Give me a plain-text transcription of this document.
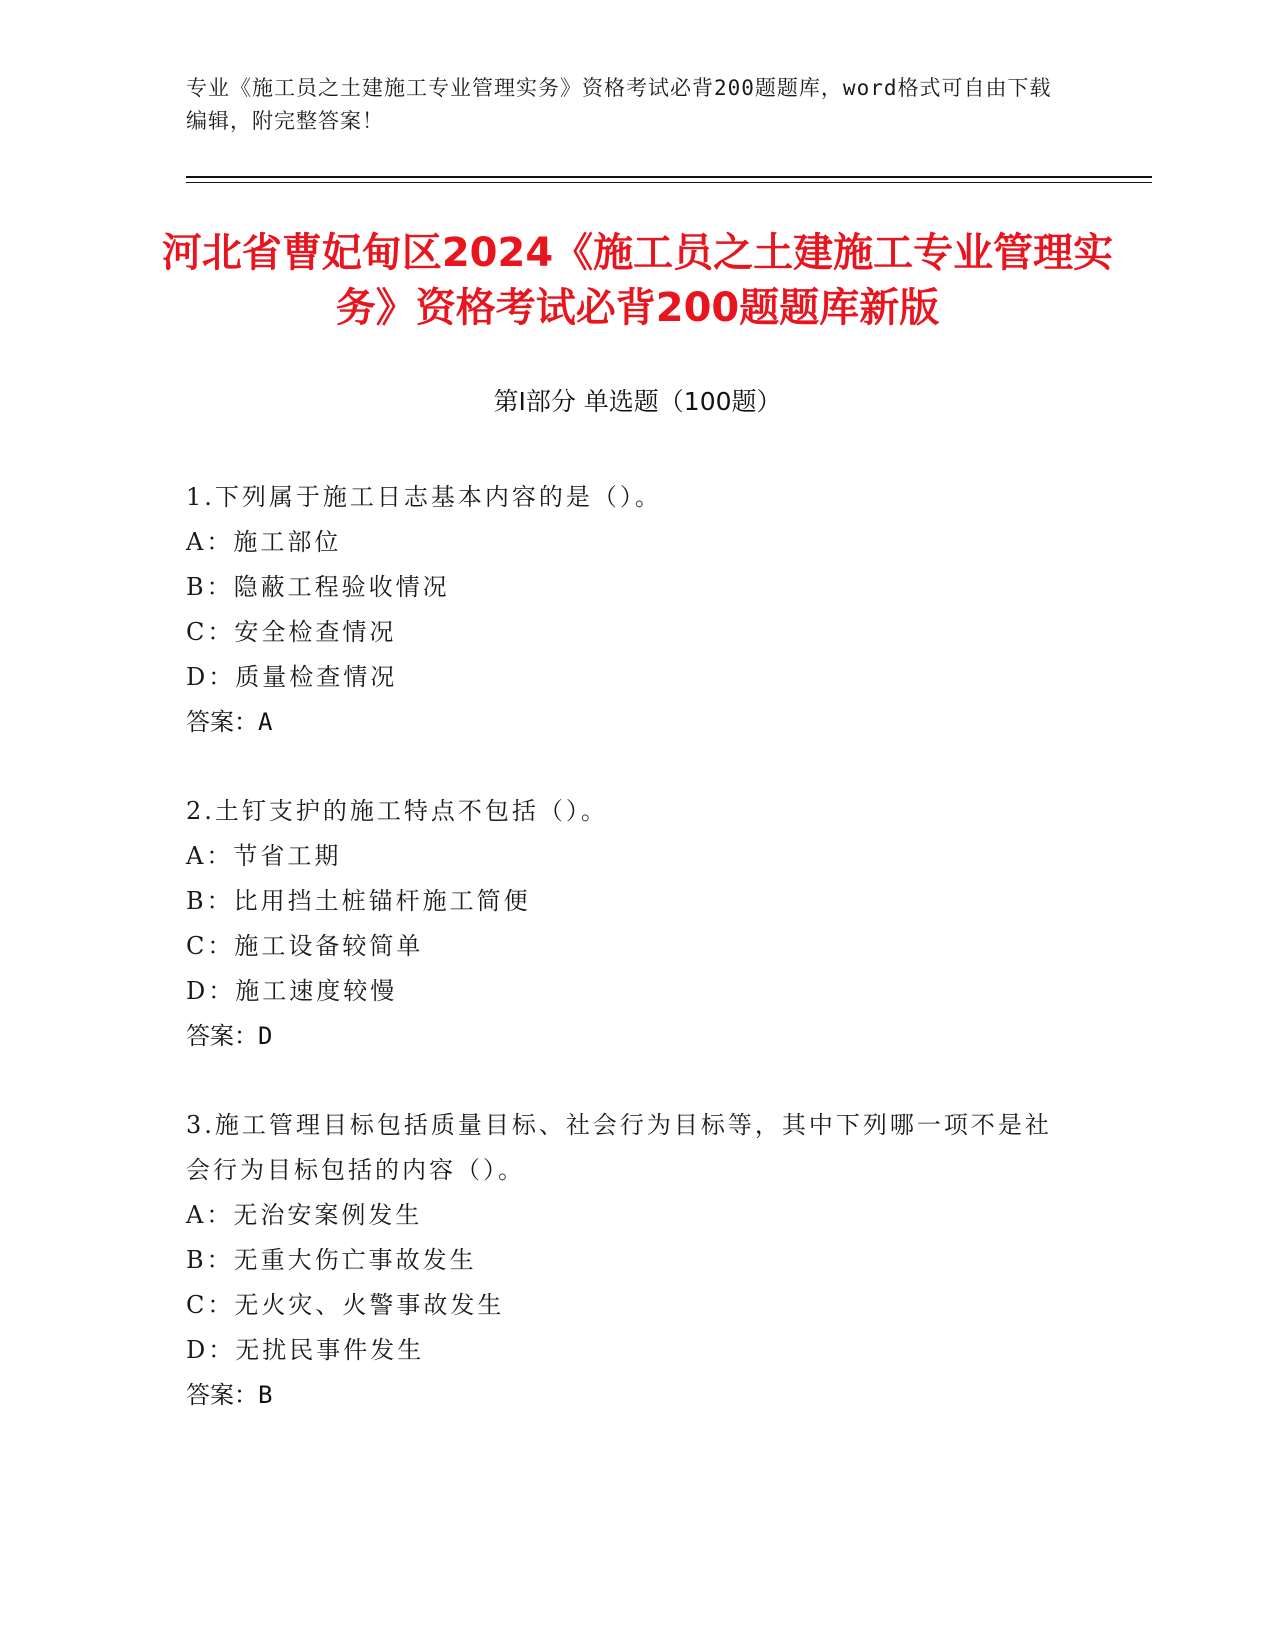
专业《施工员之土建施工专业管理实务》资格考试必背200题题库，word格式可自由下载编辑，附完整答案！
河北省曹妃甸区2024《施工员之土建施工专业管理实务》资格考试必背200题题库新版
第Ⅰ部分 单选题（100题）
1.下列属于施工日志基本内容的是（）。
A：施工部位
B：隐蔽工程验收情况
C：安全检查情况
D：质量检查情况
答案：A
2.土钉支护的施工特点不包括（）。
A：节省工期
B：比用挡土桩锚杆施工简便
C：施工设备较简单
D：施工速度较慢
答案：D
3.施工管理目标包括质量目标、社会行为目标等，其中下列哪一项不是社会行为目标包括的内容（）。
A：无治安案例发生
B：无重大伤亡事故发生
C：无火灾、火警事故发生
D：无扰民事件发生
答案：B
